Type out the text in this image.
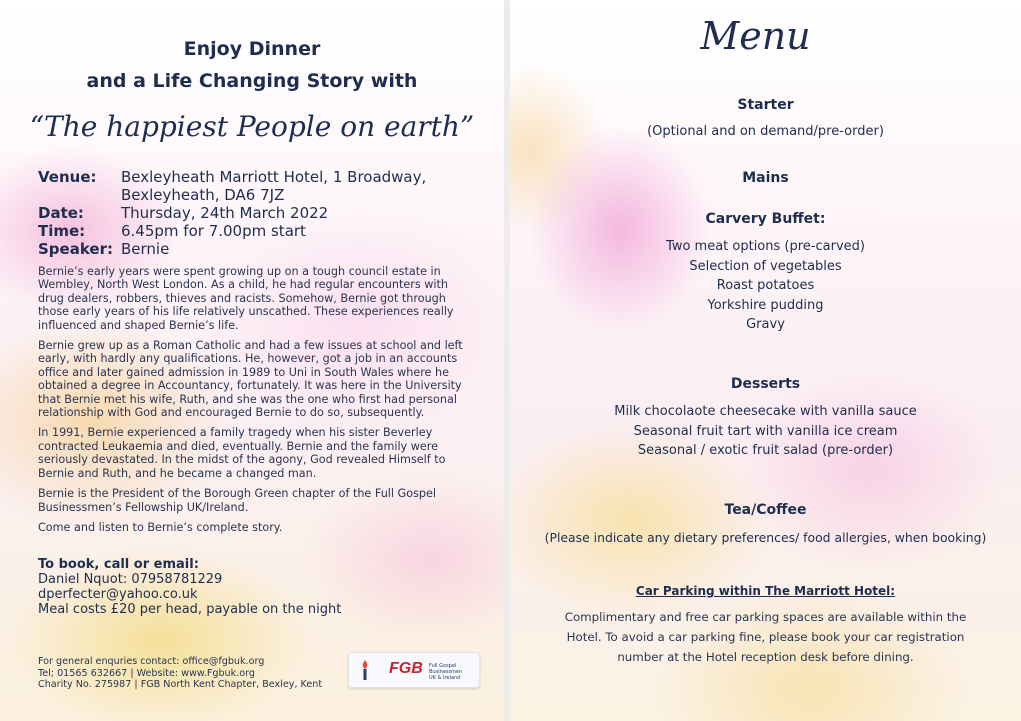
Enjoy Dinner
and a Life Changing Story with
“The happiest People on earth”
Venue:	Bexleyheath Marriott Hotel, 1 Broadway,
Bexleyheath, DA6 7JZ
Date:	Thursday, 24th March 2022
Time:	6.45pm for 7.00pm start
Speaker: Bernie

Bernie’s early years were spent growing up on a tough council estate in Wembley, North West London. As a child, he had regular encounters with drug dealers, robbers, thieves and racists. Somehow, Bernie got through those early years of his life relatively unscathed. These experiences really influenced and shaped Bernie’s life.

Bernie grew up as a Roman Catholic and had a few issues at school and left early, with hardly any qualifications. He, however, got a job in an accounts office and later gained admission in 1989 to Uni in South Wales where he obtained a degree in Accountancy, fortunately. It was here in the University that Bernie met his wife, Ruth, and she was the one who first had personal relationship with God and encouraged Bernie to do so, subsequently.

In 1991, Bernie experienced a family tragedy when his sister Beverley contracted Leukaemia and died, eventually. Bernie and the family were seriously devastated. In the midst of the agony, God revealed Himself to Bernie and Ruth, and he became a changed man.

Bernie is the President of the Borough Green chapter of the Full Gospel Businessmen’s Fellowship UK/Ireland.

Come and listen to Bernie’s complete story.

To book, call or email:
Daniel Nquot: 07958781229
dperfecter@yahoo.co.uk
Meal costs £20 per head, payable on the night
For general enquries contact: office@fgbuk.org
Tel; 01565 632667 | Website: www.Fgbuk.org
Charity No. 275987 | FGB North Kent Chapter, Bexley, Kent
FGB Full Gospel Businessmen
UK & Ireland
Menu
Starter
(Optional and on demand/pre-order)
Mains
Carvery Buffet:
Two meat options (pre-carved)
Selection of vegetables
Roast potatoes
Yorkshire pudding
Gravy
Desserts
Milk chocolaote cheesecake with vanilla sauce
Seasonal fruit tart with vanilla ice cream
Seasonal / exotic fruit salad (pre-order)
Tea/Coffee
(Please indicate any dietary preferences/ food allergies, when booking)
Car Parking within The Marriott Hotel:
Complimentary and free car parking spaces are available within the
Hotel. To avoid a car parking fine, please book your car registration
number at the Hotel reception desk before dining.
